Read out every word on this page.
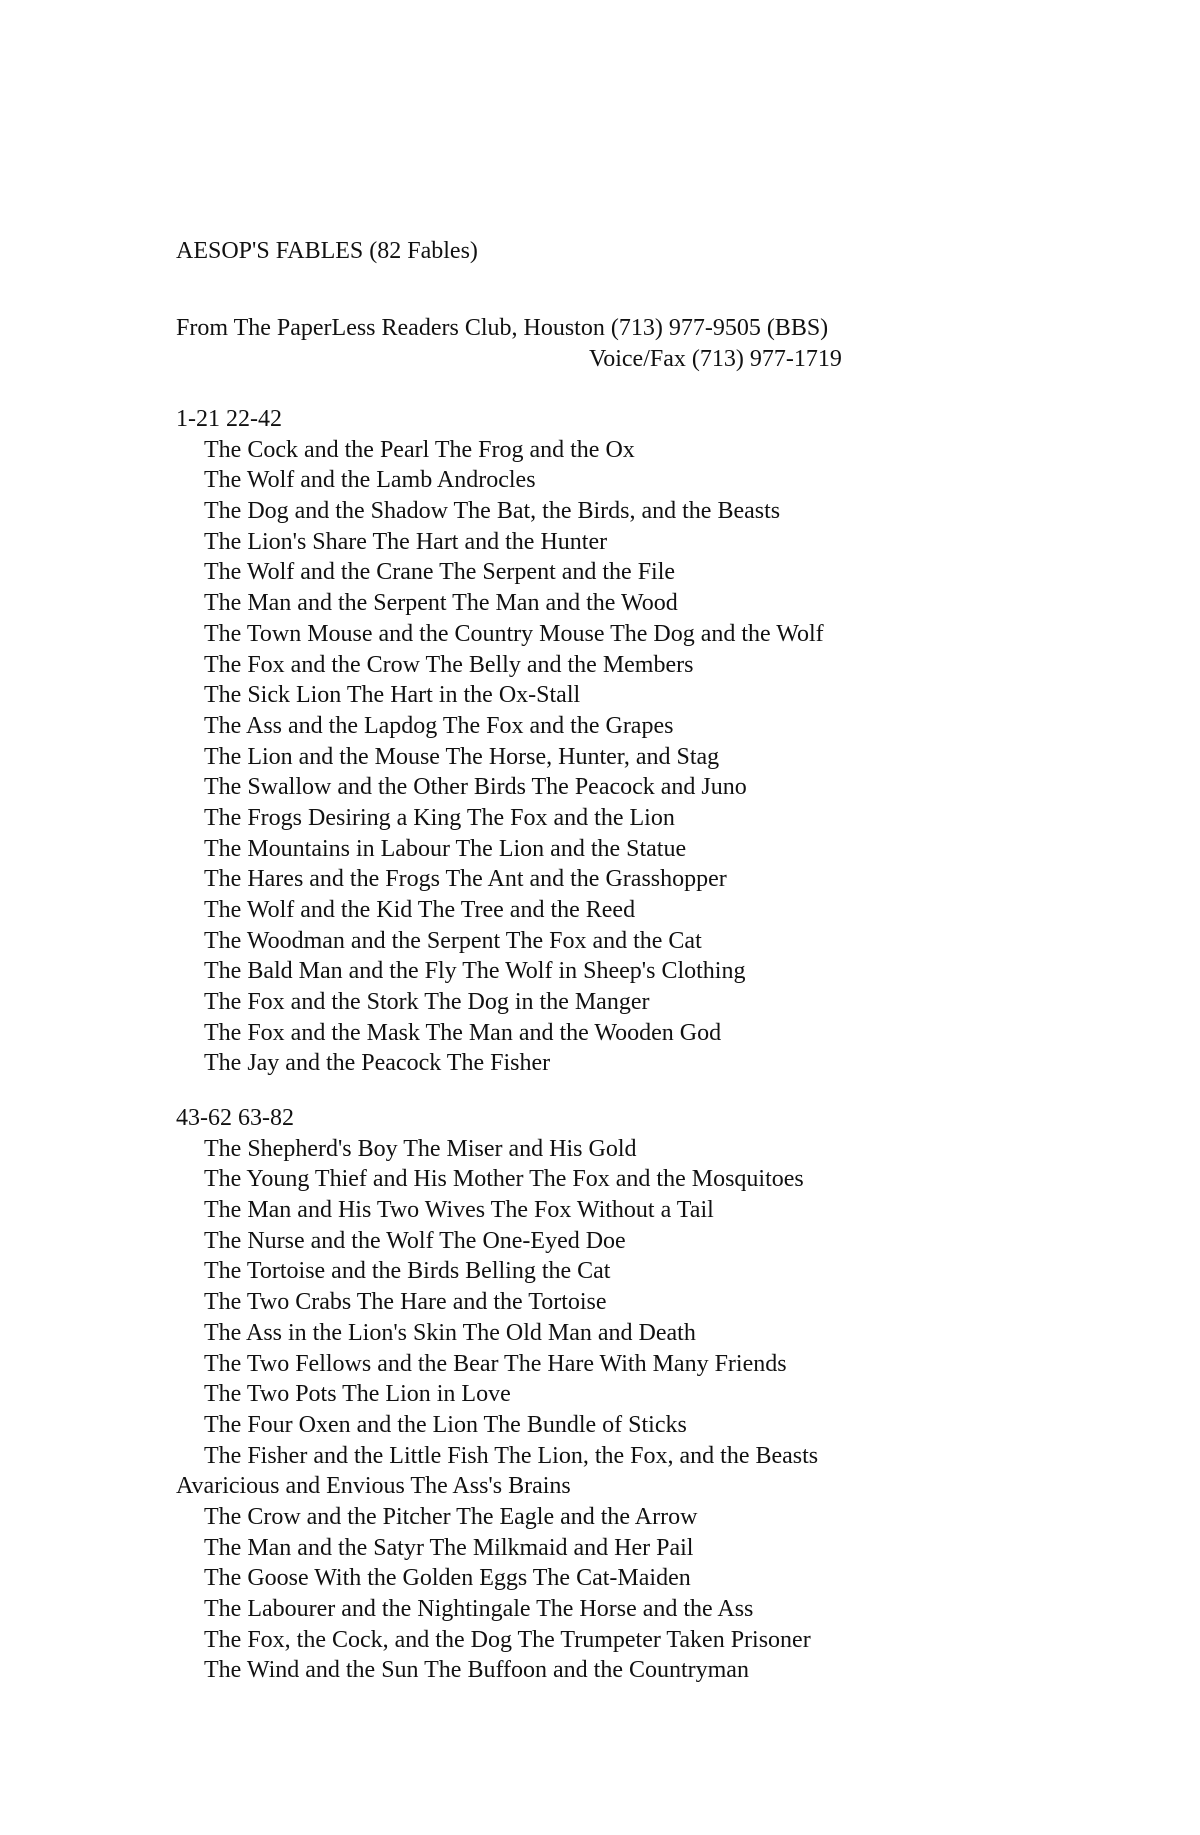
AESOP'S FABLES (82 Fables)
From The PaperLess Readers Club, Houston (713) 977-9505 (BBS)
Voice/Fax (713) 977-1719
1-21 22-42
The Cock and the Pearl The Frog and the Ox
The Wolf and the Lamb Androcles
The Dog and the Shadow The Bat, the Birds, and the Beasts
The Lion's Share The Hart and the Hunter
The Wolf and the Crane The Serpent and the File
The Man and the Serpent The Man and the Wood
The Town Mouse and the Country Mouse The Dog and the Wolf
The Fox and the Crow The Belly and the Members
The Sick Lion The Hart in the Ox-Stall
The Ass and the Lapdog The Fox and the Grapes
The Lion and the Mouse The Horse, Hunter, and Stag
The Swallow and the Other Birds The Peacock and Juno
The Frogs Desiring a King The Fox and the Lion
The Mountains in Labour The Lion and the Statue
The Hares and the Frogs The Ant and the Grasshopper
The Wolf and the Kid The Tree and the Reed
The Woodman and the Serpent The Fox and the Cat
The Bald Man and the Fly The Wolf in Sheep's Clothing
The Fox and the Stork The Dog in the Manger
The Fox and the Mask The Man and the Wooden God
The Jay and the Peacock The Fisher
43-62 63-82
The Shepherd's Boy The Miser and His Gold
The Young Thief and His Mother The Fox and the Mosquitoes
The Man and His Two Wives The Fox Without a Tail
The Nurse and the Wolf The One-Eyed Doe
The Tortoise and the Birds Belling the Cat
The Two Crabs The Hare and the Tortoise
The Ass in the Lion's Skin The Old Man and Death
The Two Fellows and the Bear The Hare With Many Friends
The Two Pots The Lion in Love
The Four Oxen and the Lion The Bundle of Sticks
The Fisher and the Little Fish The Lion, the Fox, and the Beasts
Avaricious and Envious The Ass's Brains
The Crow and the Pitcher The Eagle and the Arrow
The Man and the Satyr The Milkmaid and Her Pail
The Goose With the Golden Eggs The Cat-Maiden
The Labourer and the Nightingale The Horse and the Ass
The Fox, the Cock, and the Dog The Trumpeter Taken Prisoner
The Wind and the Sun The Buffoon and the Countryman
